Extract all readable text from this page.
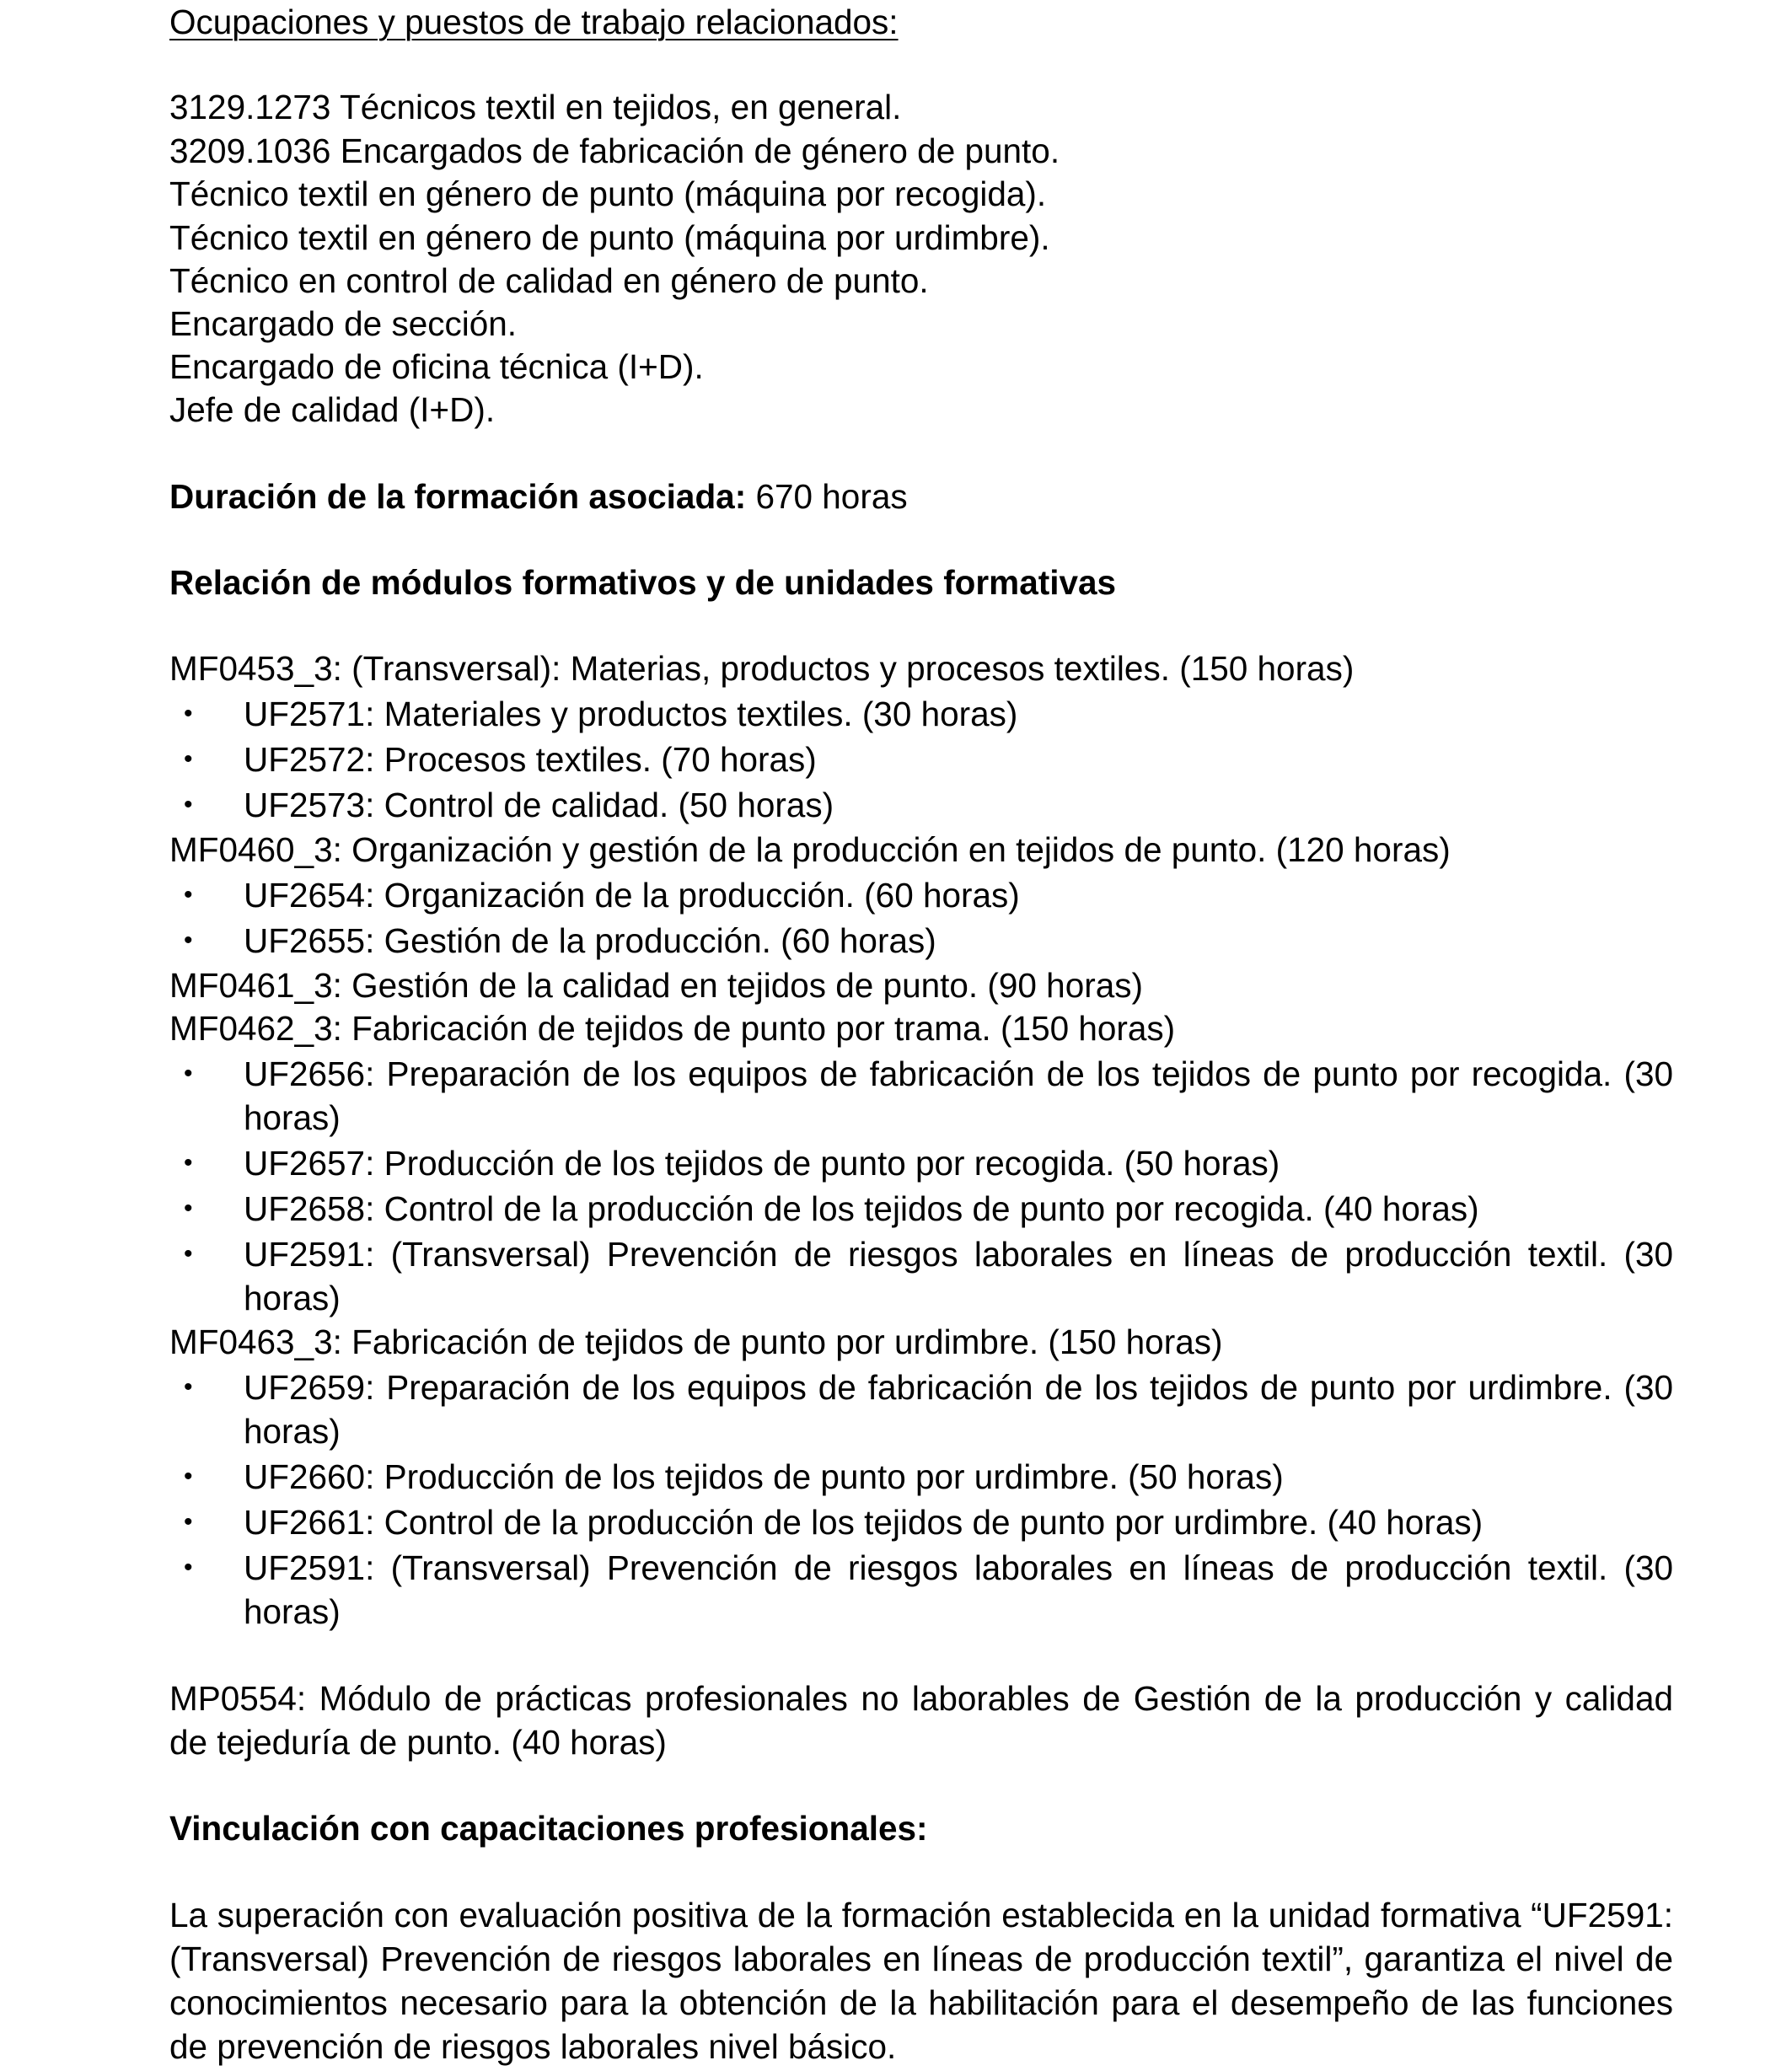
Ocupaciones y puestos de trabajo relacionados:
3129.1273 Técnicos textil en tejidos, en general.
3209.1036 Encargados de fabricación de género de punto.
Técnico textil en género de punto (máquina por recogida).
Técnico textil en género de punto (máquina por urdimbre).
Técnico en control de calidad en género de punto.
Encargado de sección.
Encargado de oficina técnica (I+D).
Jefe de calidad (I+D).
Duración de la formación asociada: 670 horas
Relación de módulos formativos y de unidades formativas
MF0453_3: (Transversal): Materias, productos y procesos textiles. (150 horas)
• UF2571: Materiales y productos textiles. (30 horas)
• UF2572: Procesos textiles. (70 horas)
• UF2573: Control de calidad. (50 horas)
MF0460_3: Organización y gestión de la producción en tejidos de punto. (120 horas)
• UF2654: Organización de la producción. (60 horas)
• UF2655: Gestión de la producción. (60 horas)
MF0461_3: Gestión de la calidad en tejidos de punto. (90 horas)
MF0462_3: Fabricación de tejidos de punto por trama. (150 horas)
• UF2656: Preparación de los equipos de fabricación de los tejidos de punto por recogida. (30 horas)
• UF2657: Producción de los tejidos de punto por recogida. (50 horas)
• UF2658: Control de la producción de los tejidos de punto por recogida. (40 horas)
• UF2591: (Transversal) Prevención de riesgos laborales en líneas de producción textil. (30 horas)
MF0463_3: Fabricación de tejidos de punto por urdimbre. (150 horas)
• UF2659: Preparación de los equipos de fabricación de los tejidos de punto por urdimbre. (30 horas)
• UF2660: Producción de los tejidos de punto por urdimbre. (50 horas)
• UF2661: Control de la producción de los tejidos de punto por urdimbre. (40 horas)
• UF2591: (Transversal) Prevención de riesgos laborales en líneas de producción textil. (30 horas)
MP0554: Módulo de prácticas profesionales no laborables de Gestión de la producción y calidad de tejeduría de punto. (40 horas)
Vinculación con capacitaciones profesionales:
La superación con evaluación positiva de la formación establecida en la unidad formativa “UF2591: (Transversal) Prevención de riesgos laborales en líneas de producción textil”, garantiza el nivel de conocimientos necesario para la obtención de la habilitación para el desempeño de las funciones de prevención de riesgos laborales nivel básico.
